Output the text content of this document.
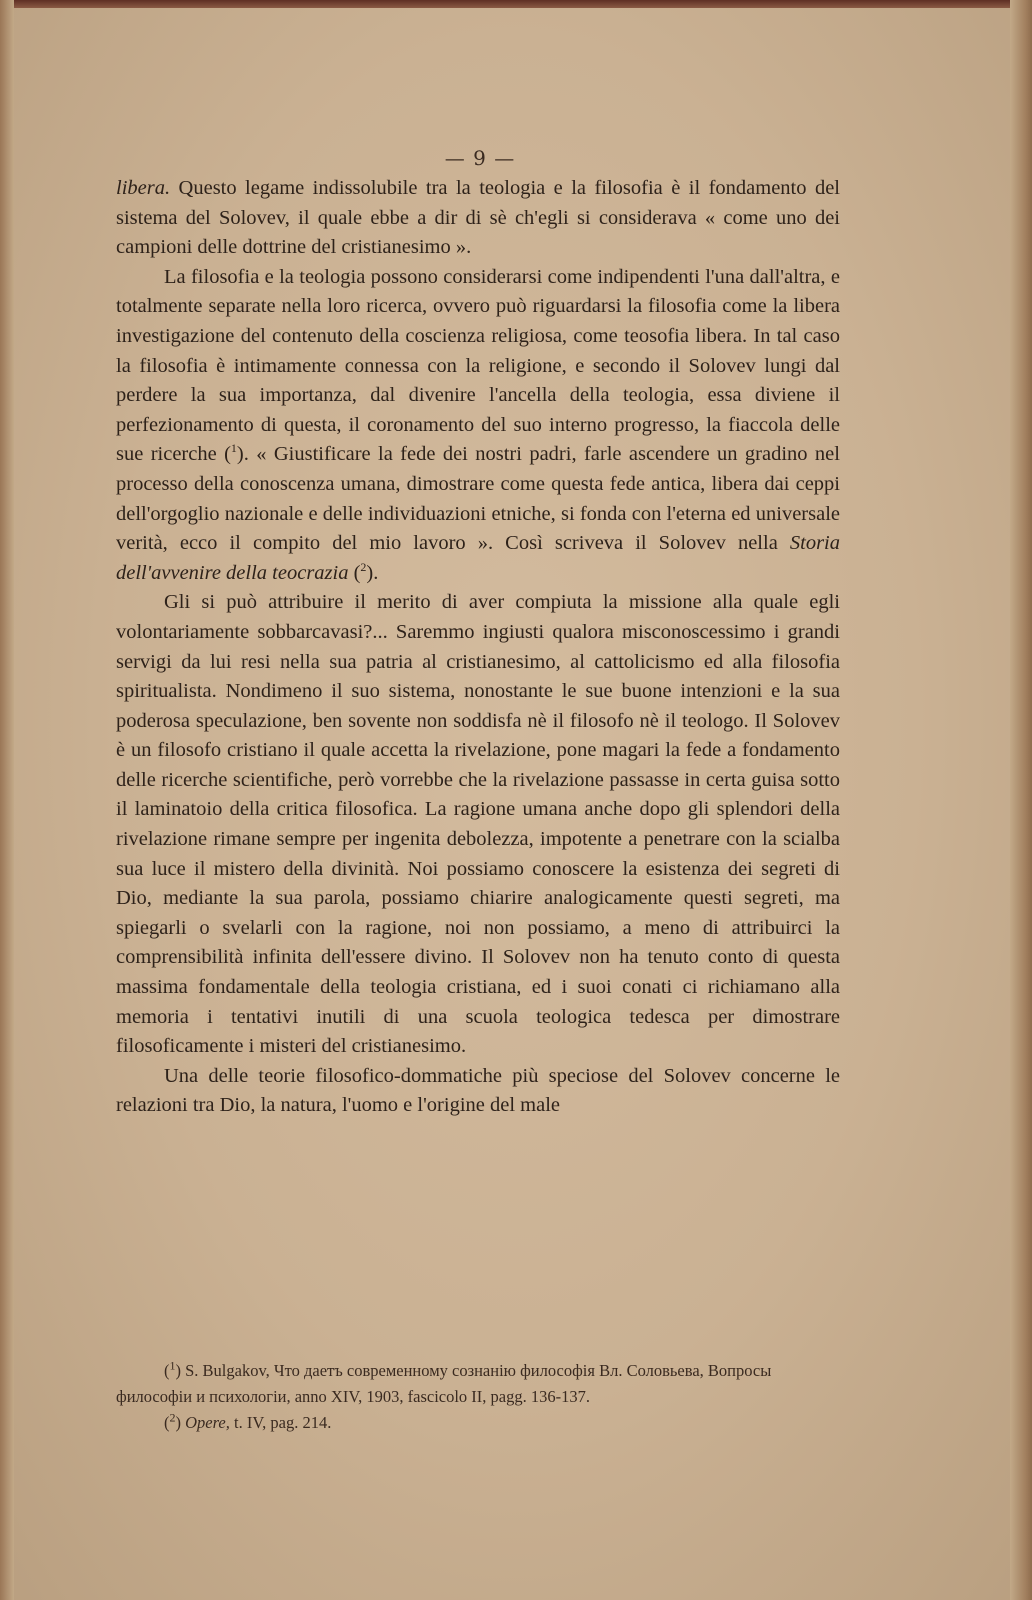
— 9 —

libera. Questo legame indissolubile tra la teologia e la filosofia è il fondamento del sistema del Solovev, il quale ebbe a dir di sè ch'egli si considerava « come uno dei campioni delle dottrine del cristianesimo ».

La filosofia e la teologia possono considerarsi come indipendenti l'una dall'altra, e totalmente separate nella loro ricerca, ovvero può riguardarsi la filosofia come la libera investigazione del contenuto della coscienza religiosa, come teosofia libera. In tal caso la filosofia è intimamente connessa con la religione, e secondo il Solovev lungi dal perdere la sua importanza, dal divenire l'ancella della teologia, essa diviene il perfezionamento di questa, il coronamento del suo interno progresso, la fiaccola delle sue ricerche ($^1$). « Giustificare la fede dei nostri padri, farle ascendere un gradino nel processo della conoscenza umana, dimostrare come questa fede antica, libera dai ceppi dell'orgoglio nazionale e delle individuazioni etniche, si fonda con l'eterna ed universale verità, ecco il compito del mio lavoro ». Così scriveva il Solovev nella Storia dell'avvenire della teocrazia ($^2$).

Gli si può attribuire il merito di aver compiuta la missione alla quale egli volontariamente sobbarcavasi?... Saremmo ingiusti qualora misconoscessimo i grandi servigi da lui resi nella sua patria al cristianesimo, al cattolicismo ed alla filosofia spiritualista. Nondimeno il suo sistema, nonostante le sue buone intenzioni e la sua poderosa speculazione, ben sovente non soddisfa nè il filosofo nè il teologo. Il Solovev è un filosofo cristiano il quale accetta la rivelazione, pone magari la fede a fondamento delle ricerche scientifiche, però vorrebbe che la rivelazione passasse in certa guisa sotto il laminatoio della critica filosofica. La ragione umana anche dopo gli splendori della rivelazione rimane sempre per ingenita debolezza, impotente a penetrare con la scialba sua luce il mistero della divinità. Noi possiamo conoscere la esistenza dei segreti di Dio, mediante la sua parola, possiamo chiarire analogicamente questi segreti, ma spiegarli o svelarli con la ragione, noi non possiamo, a meno di attribuirci la comprensibilità infinita dell'essere divino. Il Solovev non ha tenuto conto di questa massima fondamentale della teologia cristiana, ed i suoi conati ci richiamano alla memoria i tentativi inutili di una scuola teologica tedesca per dimostrare filosoficamente i misteri del cristianesimo.

Una delle teorie filosofico-dommatiche più speciose del Solovev concerne le relazioni tra Dio, la natura, l'uomo e l'origine del male

($^1$) S. Bulgakov, Что даетъ современному сознанію философія Вл. Соловьева, Вопросы философіи и психологіи, anno XIV, 1903, fascicolo II, pagg. 136-137.

($^2$) Opere, t. IV, pag. 214.
